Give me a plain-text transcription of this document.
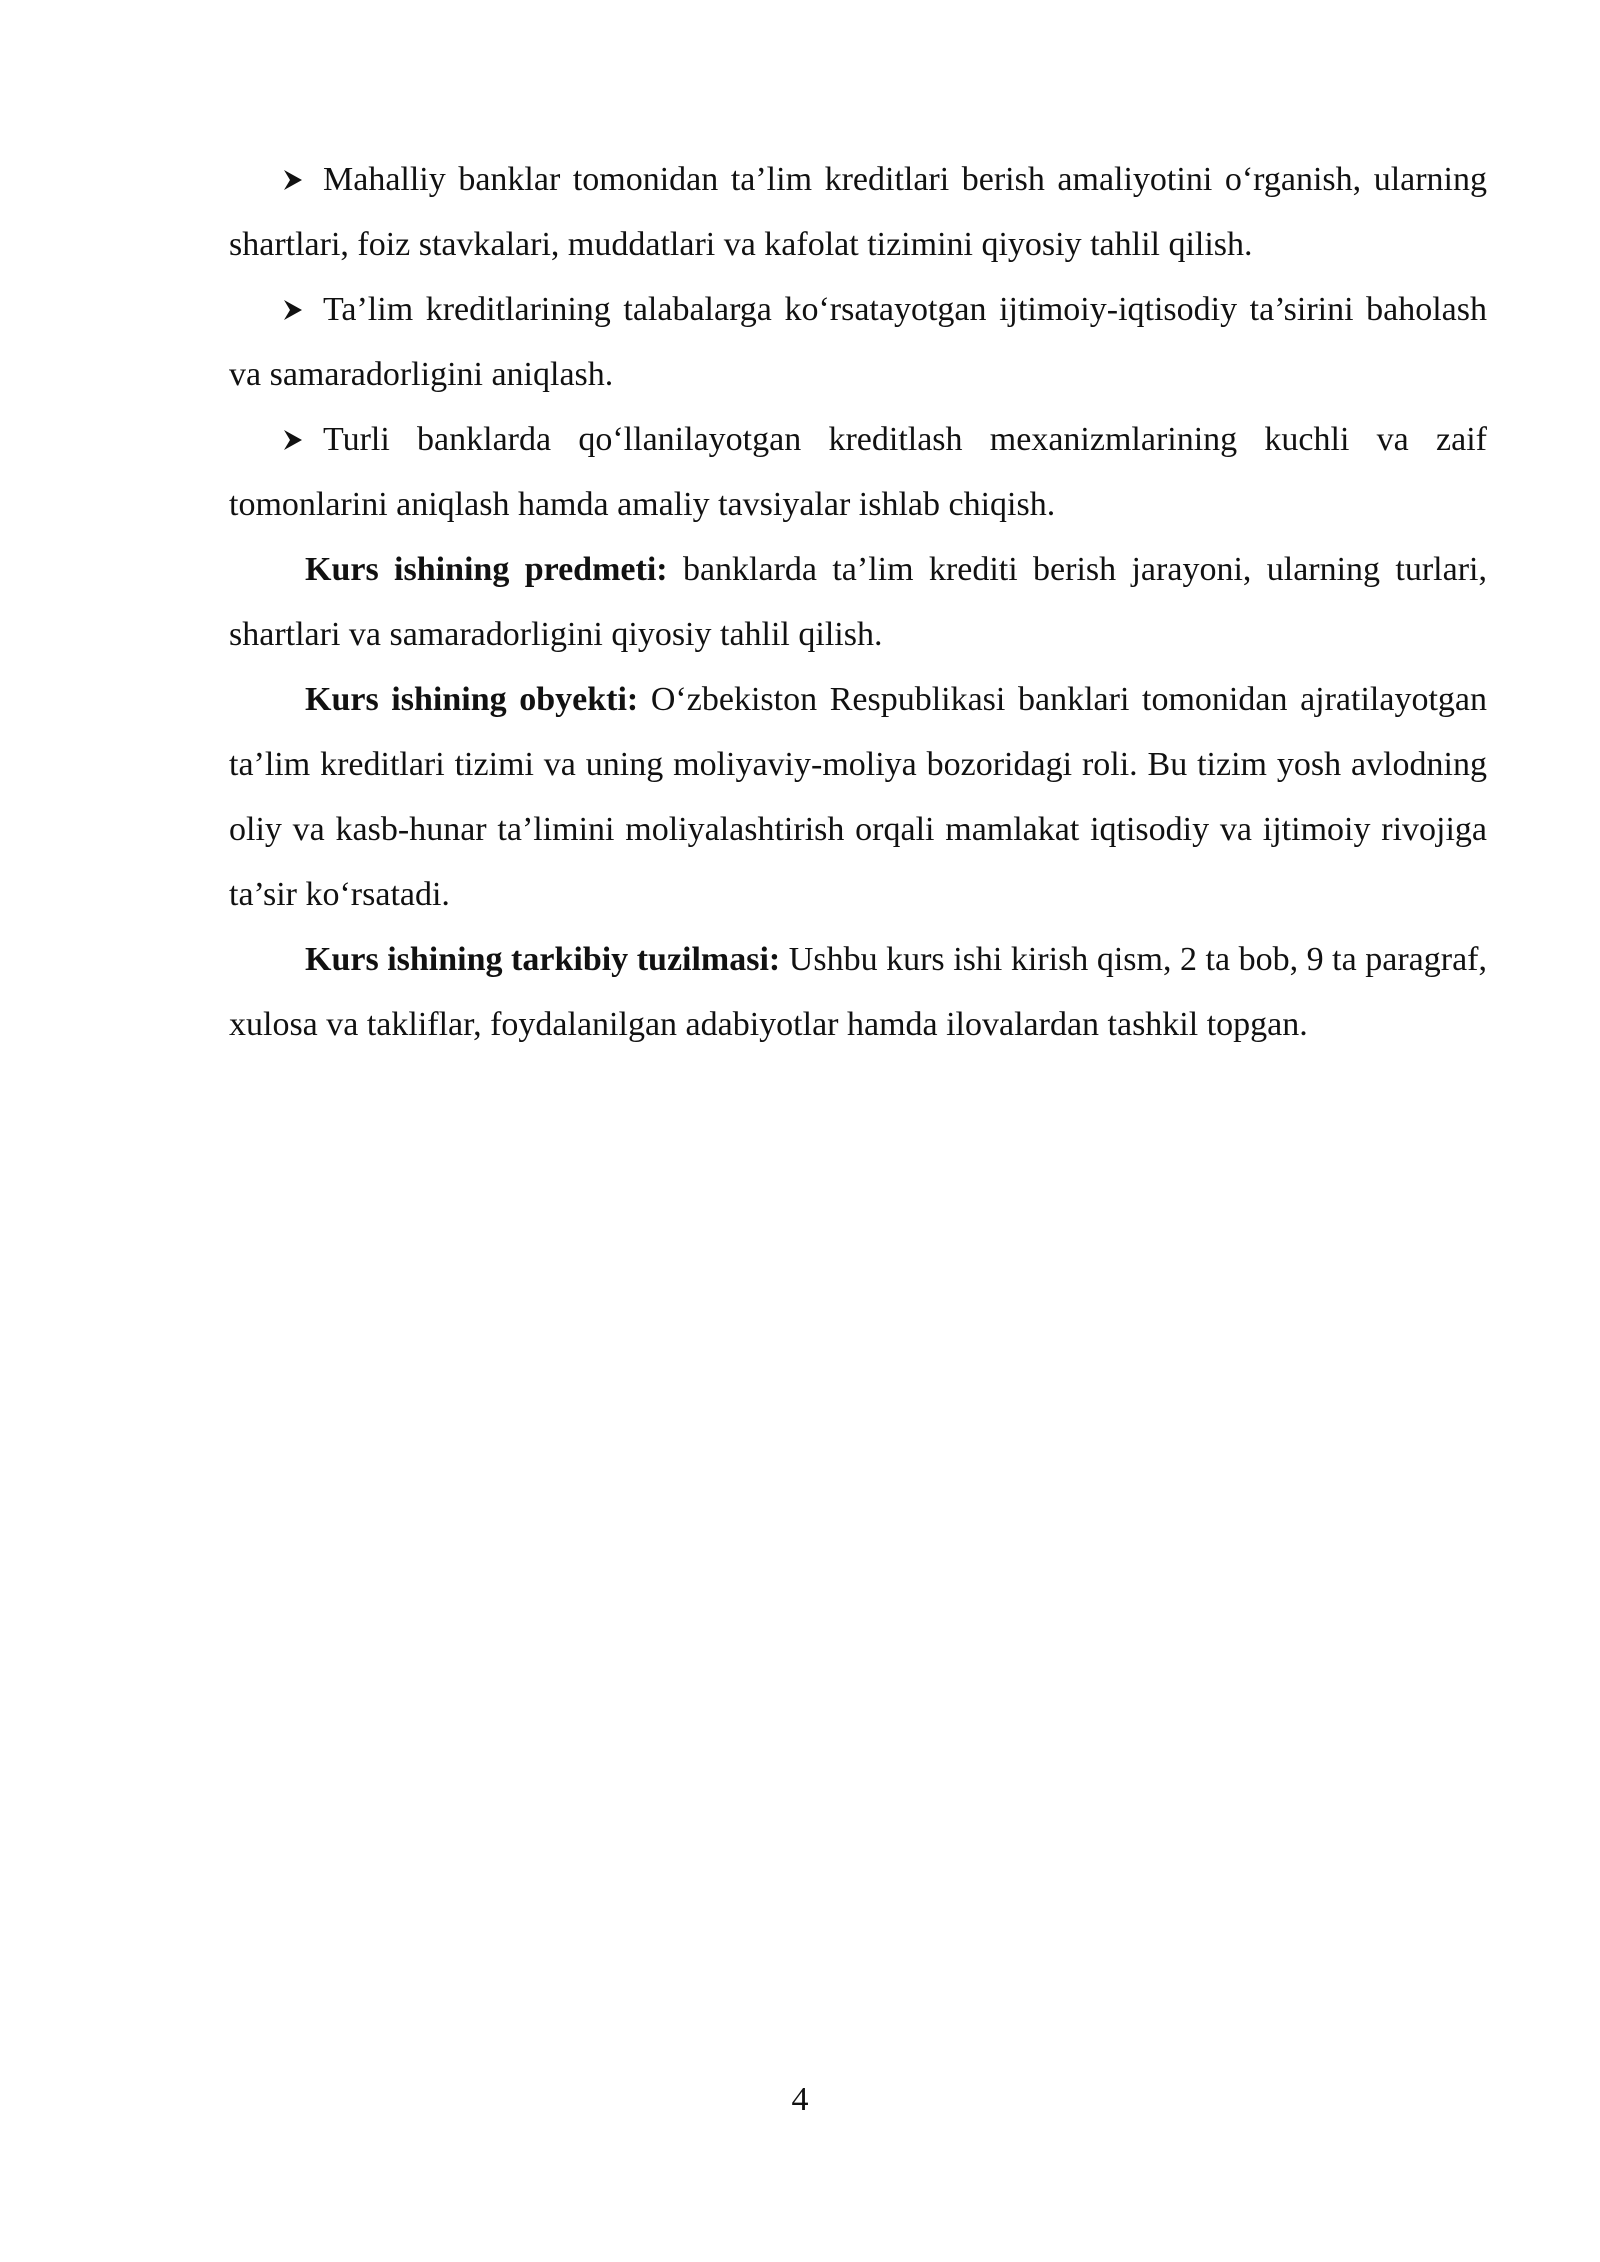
Mahalliy banklar tomonidan ta’lim kreditlari berish amaliyotini o‘rganish, ularning shartlari, foiz stavkalari, muddatlari va kafolat tizimini qiyosiy tahlil qilish.

Ta’lim kreditlarining talabalarga ko‘rsatayotgan ijtimoiy-iqtisodiy ta’sirini baholash va samaradorligini aniqlash.

Turli banklarda qo‘llanilayotgan kreditlash mexanizmlarining kuchli va zaif tomonlarini aniqlash hamda amaliy tavsiyalar ishlab chiqish.

Kurs ishining predmeti: banklarda ta’lim krediti berish jarayoni, ularning turlari, shartlari va samaradorligini qiyosiy tahlil qilish.

Kurs ishining obyekti: O‘zbekiston Respublikasi banklari tomonidan ajratilayotgan ta’lim kreditlari tizimi va uning moliyaviy-moliya bozoridagi roli. Bu tizim yosh avlodning oliy va kasb-hunar ta’limini moliyalashtirish orqali mamlakat iqtisodiy va ijtimoiy rivojiga ta’sir ko‘rsatadi.

Kurs ishining tarkibiy tuzilmasi: Ushbu kurs ishi kirish qism, 2 ta bob, 9 ta paragraf, xulosa va takliflar, foydalanilgan adabiyotlar hamda ilovalardan tashkil topgan.

4
